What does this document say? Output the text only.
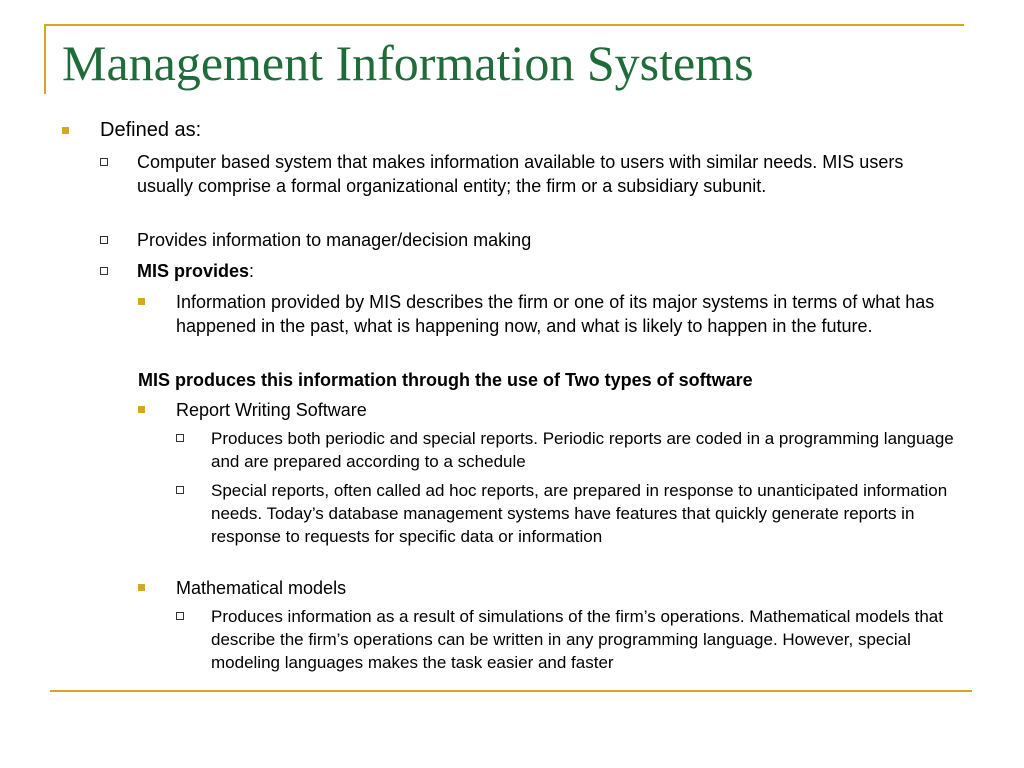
Management Information Systems
Defined as:
Computer based system that makes information available to users with similar needs. MIS users usually comprise a formal organizational entity; the firm or a subsidiary subunit.
Provides information to manager/decision making
MIS provides:
Information provided by MIS describes the firm or one of its major systems in terms of what has happened in the past, what is happening now, and what is likely to happen in the future.
MIS produces this information through the use of Two types of software
Report Writing Software
Produces both periodic and special reports. Periodic reports are coded in a programming language and are prepared according to a schedule
Special reports, often called ad hoc reports, are prepared in response to unanticipated information needs. Today’s database management systems have features that quickly generate reports in response to requests for specific data or information
Mathematical models
Produces information as a result of simulations of the firm’s operations. Mathematical models that describe the firm’s operations can be written in any programming language. However, special modeling languages makes the task easier and faster
